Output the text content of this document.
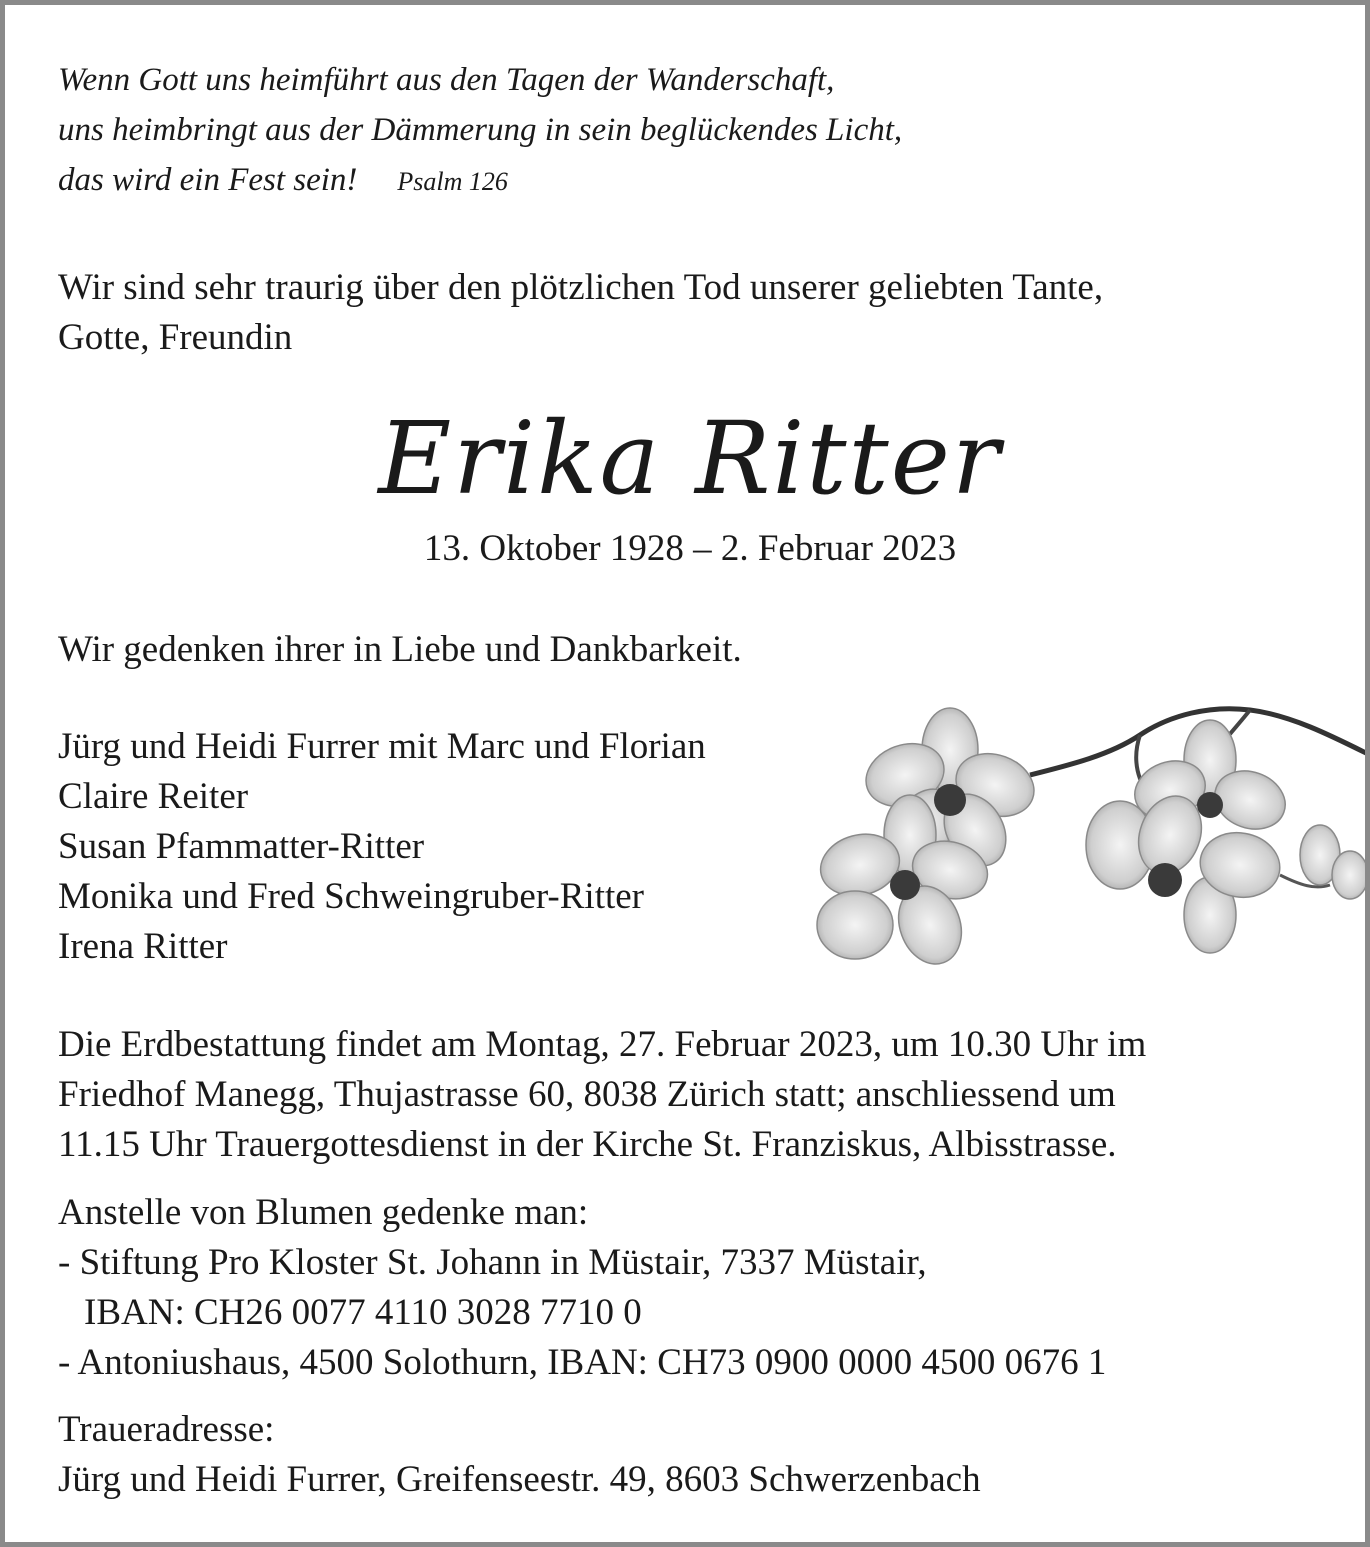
Wenn Gott uns heimführt aus den Tagen der Wanderschaft,
uns heimbringt aus der Dämmerung in sein beglückendes Licht,
das wird ein Fest sein! Psalm 126
Wir sind sehr traurig über den plötzlichen Tod unserer geliebten Tante,
Gotte, Freundin
Erika Ritter
13. Oktober 1928 – 2. Februar 2023
Wir gedenken ihrer in Liebe und Dankbarkeit.
Jürg und Heidi Furrer mit Marc und Florian
Claire Reiter
Susan Pfammatter-Ritter
Monika und Fred Schweingruber-Ritter
Irena Ritter
Die Erdbestattung findet am Montag, 27. Februar 2023, um 10.30 Uhr im
Friedhof Manegg, Thujastrasse 60, 8038 Zürich statt; anschliessend um
11.15 Uhr Trauergottesdienst in der Kirche St. Franziskus, Albisstrasse.
Anstelle von Blumen gedenke man:
- Stiftung Pro Kloster St. Johann in Müstair, 7337 Müstair,
IBAN: CH26 0077 4110 3028 7710 0
- Antoniushaus, 4500 Solothurn, IBAN: CH73 0900 0000 4500 0676 1
Traueradresse:
Jürg und Heidi Furrer, Greifenseestr. 49, 8603 Schwerzenbach
